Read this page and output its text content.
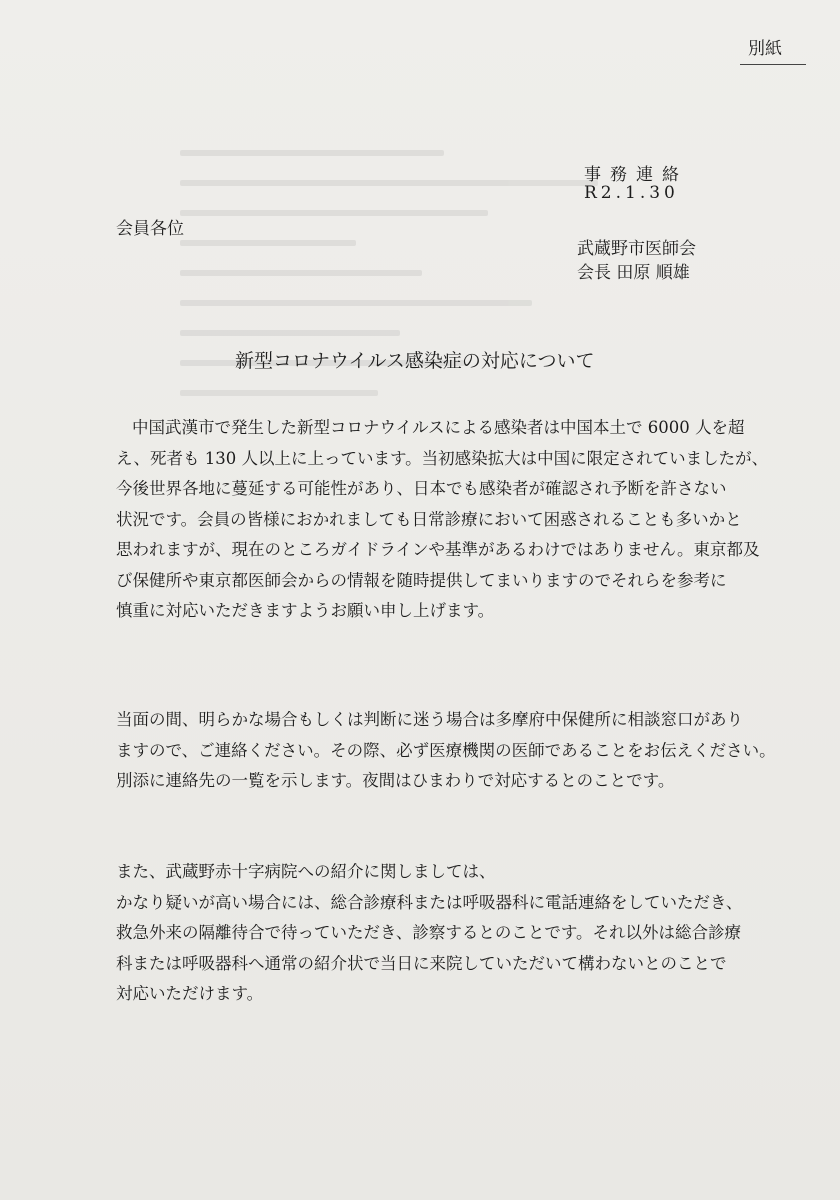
別紙
事務連絡
R2.1.30
会員各位
武蔵野市医師会
会長 田原 順雄
新型コロナウイルス感染症の対応について
中国武漢市で発生した新型コロナウイルスによる感染者は中国本土で 6000 人を超
え、死者も 130 人以上に上っています。当初感染拡大は中国に限定されていましたが、
今後世界各地に蔓延する可能性があり、日本でも感染者が確認され予断を許さない
状況です。会員の皆様におかれましても日常診療において困惑されることも多いかと
思われますが、現在のところガイドラインや基準があるわけではありません。東京都及
び保健所や東京都医師会からの情報を随時提供してまいりますのでそれらを参考に
慎重に対応いただきますようお願い申し上げます。
当面の間、明らかな場合もしくは判断に迷う場合は多摩府中保健所に相談窓口があり
ますので、ご連絡ください。その際、必ず医療機関の医師であることをお伝えください。
別添に連絡先の一覧を示します。夜間はひまわりで対応するとのことです。
また、武蔵野赤十字病院への紹介に関しましては、
かなり疑いが高い場合には、総合診療科または呼吸器科に電話連絡をしていただき、
救急外来の隔離待合で待っていただき、診察するとのことです。それ以外は総合診療
科または呼吸器科へ通常の紹介状で当日に来院していただいて構わないとのことで
対応いただけます。
